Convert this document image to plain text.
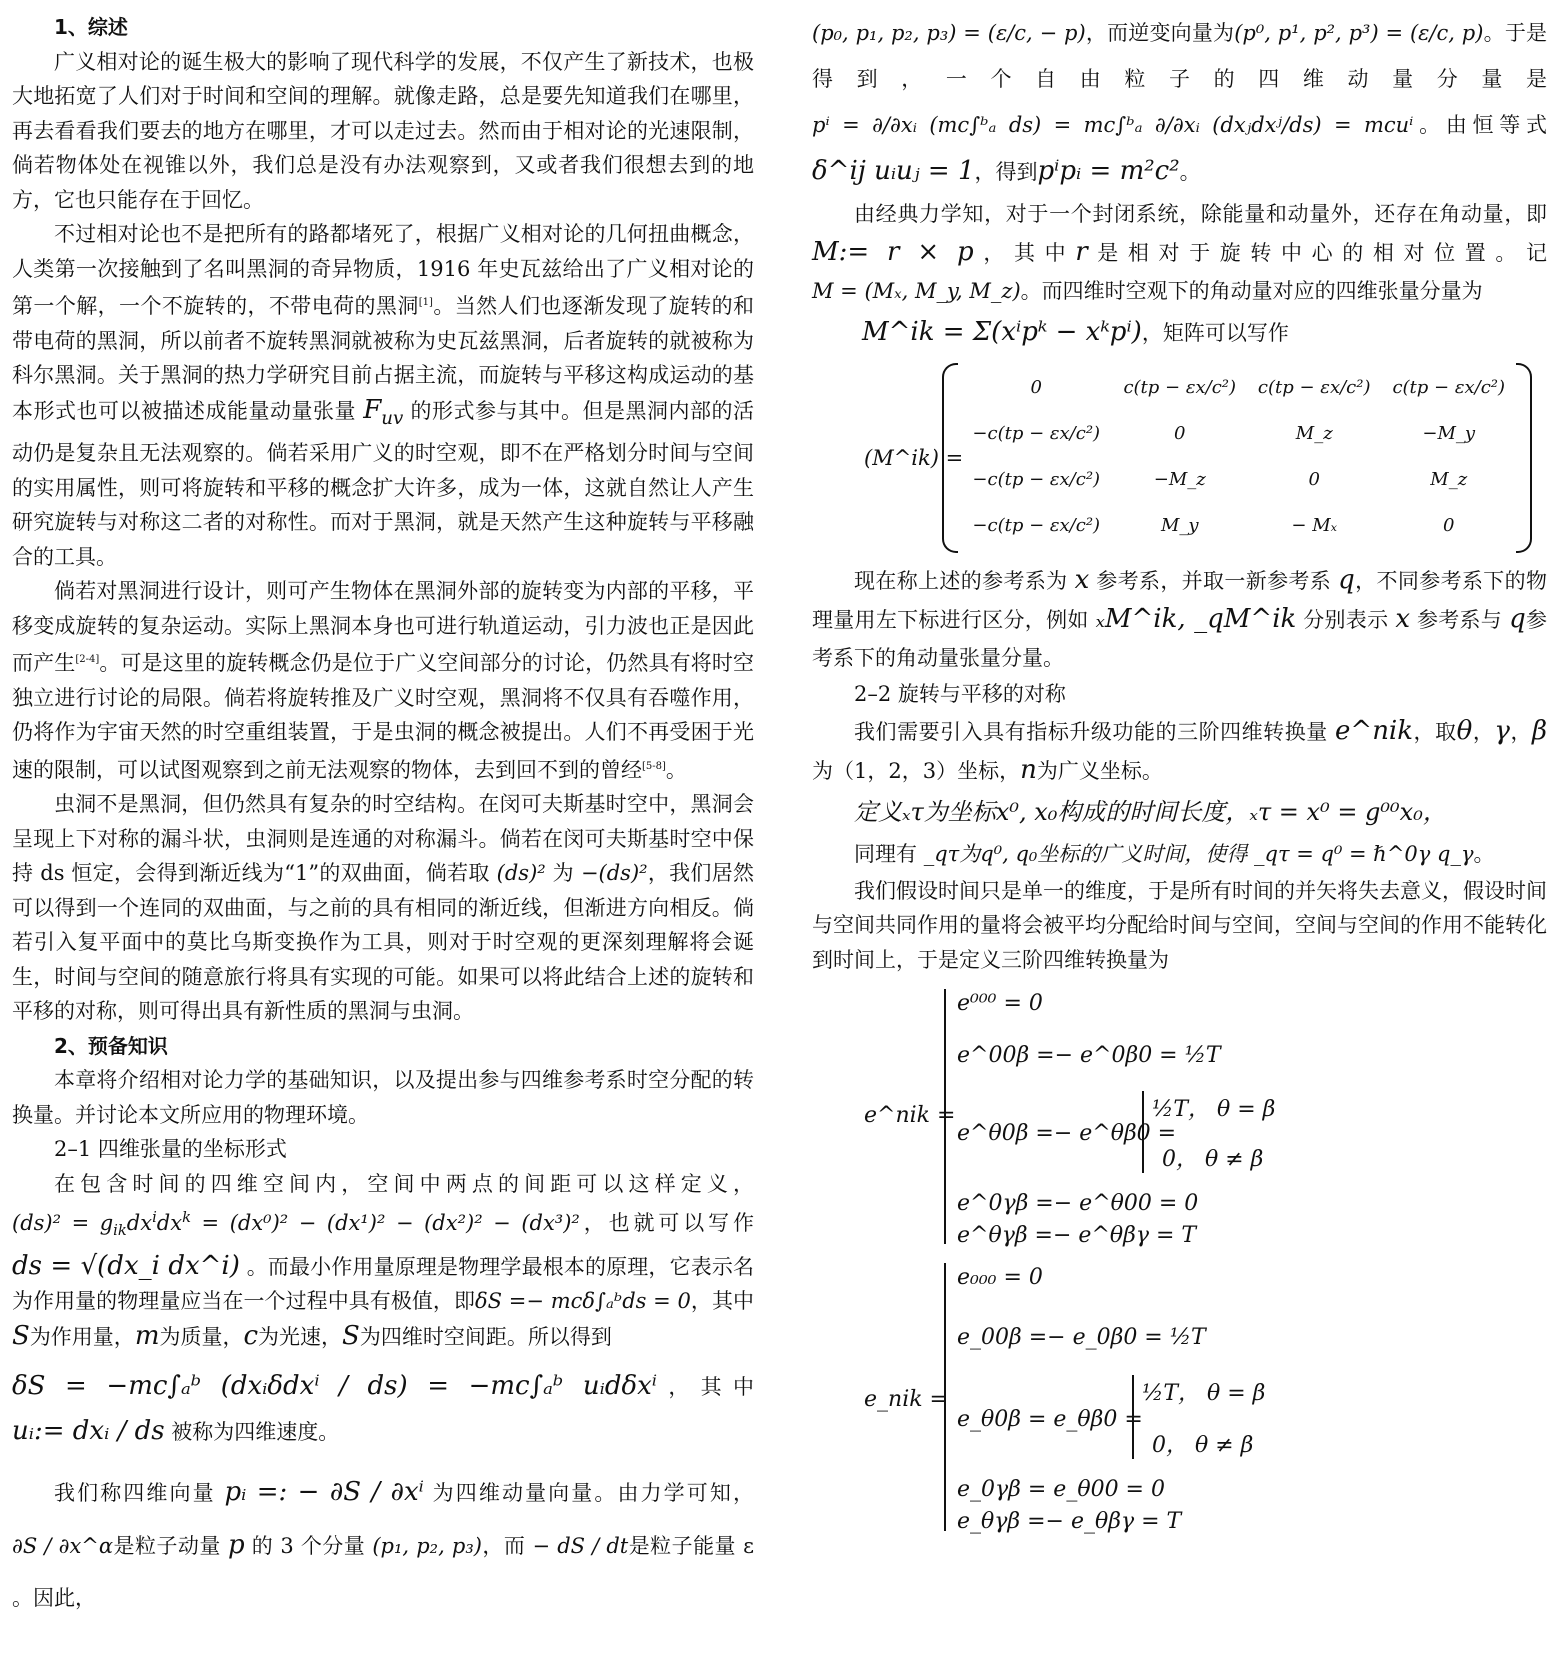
1、综述

广义相对论的诞生极大的影响了现代科学的发展，不仅产生了新技术，也极大地拓宽了人们对于时间和空间的理解。就像走路，总是要先知道我们在哪里，再去看看我们要去的地方在哪里，才可以走过去。然而由于相对论的光速限制，倘若物体处在视锥以外，我们总是没有办法观察到，又或者我们很想去到的地方，它也只能存在于回忆。

不过相对论也不是把所有的路都堵死了，根据广义相对论的几何扭曲概念，人类第一次接触到了名叫黑洞的奇异物质，1916 年史瓦兹给出了广义相对论的第一个解，一个不旋转的，不带电荷的黑洞[1]。当然人们也逐渐发现了旋转的和带电荷的黑洞，所以前者不旋转黑洞就被称为史瓦兹黑洞，后者旋转的就被称为科尔黑洞。关于黑洞的热力学研究目前占据主流，而旋转与平移这构成运动的基本形式也可以被描述成能量动量张量 $F_{uv}$ 的形式参与其中。但是黑洞内部的活动仍是复杂且无法观察的。倘若采用广义的时空观，即不在严格划分时间与空间的实用属性，则可将旋转和平移的概念扩大许多，成为一体，这就自然让人产生研究旋转与对称这二者的对称性。而对于黑洞，就是天然产生这种旋转与平移融合的工具。

倘若对黑洞进行设计，则可产生物体在黑洞外部的旋转变为内部的平移，平移变成旋转的复杂运动。实际上黑洞本身也可进行轨道运动，引力波也正是因此而产生[2-4]。可是这里的旋转概念仍是位于广义空间部分的讨论，仍然具有将时空独立进行讨论的局限。倘若将旋转推及广义时空观，黑洞将不仅具有吞噬作用，仍将作为宇宙天然的时空重组装置，于是虫洞的概念被提出。人们不再受困于光速的限制，可以试图观察到之前无法观察的物体，去到回不到的曾经[5-8]。

虫洞不是黑洞，但仍然具有复杂的时空结构。在闵可夫斯基时空中，黑洞会呈现上下对称的漏斗状，虫洞则是连通的对称漏斗。倘若在闵可夫斯基时空中保持 ds 恒定，会得到渐近线为“1”的双曲面，倘若取 (ds)² 为 −(ds)²，我们居然可以得到一个连同的双曲面，与之前的具有相同的渐近线，但渐进方向相反。倘若引入复平面中的莫比乌斯变换作为工具，则对于时空观的更深刻理解将会诞生，时间与空间的随意旅行将具有实现的可能。如果可以将此结合上述的旋转和平移的对称，则可得出具有新性质的黑洞与虫洞。

2、预备知识

本章将介绍相对论力学的基础知识，以及提出参与四维参考系时空分配的转换量。并讨论本文所应用的物理环境。

2–1 四维张量的坐标形式

在包含时间的四维空间内，空间中两点的间距可以这样定义，$(ds)^2 = g_{ik}dx^idx^k = (dx^0)^2 - (dx^1)^2 - (dx^2)^2 - (dx^3)^2$，也就可以写作 ds = √(dx_i dx^i) 。而最小作用量原理是物理学最根本的原理，它表示名为作用量的物理量应当在一个过程中具有极值，即δS =− mcδ∫ₐᵇds = 0，其中S为作用量，m为质量，c为光速，S为四维时空间距。所以得到

δS = −mc∫ₐᵇ (dxᵢδdxⁱ / ds) = −mc∫ₐᵇ uᵢdδxⁱ，其中 uᵢ:= dxᵢ / ds 被称为四维速度。

我们称四维向量 pᵢ =: − ∂S / ∂xⁱ 为四维动量向量。由力学可知， ∂S / ∂x^α是粒子动量 p 的 3 个分量 (p₁, p₂, p₃)，而 − dS / dt是粒子能量 ε 。因此，

(p₀, p₁, p₂, p₃) = (ε/c, − p)，而逆变向量为(p⁰, p¹, p², p³) = (ε/c, p)。于是得到，一个自由粒子的四维动量分量是 pⁱ = ∂/∂xᵢ (mc∫ᵇₐ ds) = mc∫ᵇₐ ∂/∂xᵢ (dxⱼdxʲ/ds) = mcuⁱ。由恒等式 δ^ij uᵢuⱼ = 1，得到pⁱpᵢ = m²c²。

由经典力学知，对于一个封闭系统，除能量和动量外，还存在角动量，即 M:= r × p，其中r是相对于旋转中心的相对位置。记M = (Mₓ, M_y, M_z)。而四维时空观下的角动量对应的四维张量分量为

M^ik = Σ(xⁱpᵏ − xᵏpⁱ)，矩阵可以写作

(M^ik) =
0	c(tp − εx/c²)	c(tp − εx/c²)	c(tp − εx/c²)
−c(tp − εx/c²)	0	M_z	−M_y
−c(tp − εx/c²)	−M_z	0	M_z
−c(tp − εx/c²)	M_y	− Mₓ	0

现在称上述的参考系为 x 参考系，并取一新参考系 q，不同参考系下的物理量用左下标进行区分，例如 ₓM^ik, _qM^ik 分别表示 x 参考系与 q参考系下的角动量张量分量。

2–2 旋转与平移的对称

我们需要引入具有指标升级功能的三阶四维转换量 e^nik，取θ，γ，β为（1，2，3）坐标，n为广义坐标。

定义ₓτ为坐标x⁰, x₀构成的时间长度，ₓτ = x⁰ = g⁰⁰x₀，

同理有 _qτ为q⁰, q₀坐标的广义时间，使得 _qτ = q⁰ = ℏ^0γ q_γ。

我们假设时间只是单一的维度，于是所有时间的并矢将失去意义，假设时间与空间共同作用的量将会被平均分配给时间与空间，空间与空间的作用不能转化到时间上，于是定义三阶四维转换量为

e^nik =
e⁰⁰⁰ = 0
e^00β =− e^0β0 = ½T
e^θ0β =− e^θβ0 =
½T， θ = β
0， θ ≠ β
e^0γβ =− e^θ00 = 0
e^θγβ =− e^θβγ = T
e_nik =
e₀₀₀ = 0
e_00β =− e_0β0 = ½T
e_θ0β = e_θβ0 =
½T， θ = β
0， θ ≠ β
e_0γβ = e_θ00 = 0
e_θγβ =− e_θβγ = T
